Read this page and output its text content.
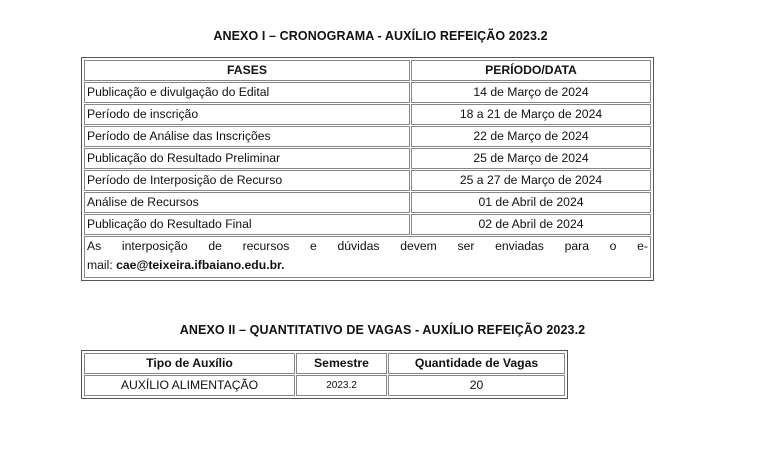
ANEXO I – CRONOGRAMA - AUXÍLIO REFEIÇÃO 2023.2
FASES	PERÍODO/DATA
Publicação e divulgação do Edital	14 de Março de 2024
Período de inscrição	18 a 21 de Março de 2024
Período de Análise das Inscrições	22 de Março de 2024
Publicação do Resultado Preliminar	25 de Março de 2024
Período de Interposição de Recurso	25 a 27 de Março de 2024
Análise de Recursos	01 de Abril de 2024
Publicação do Resultado Final	02 de Abril de 2024

As interposição de recursos e dúvidas devem ser enviadas para o e-
mail: cae@teixeira.ifbaiano.edu.br.	
ANEXO II – QUANTITATIVO DE VAGAS - AUXÍLIO REFEIÇÃO 2023.2
Tipo de Auxílio	Semestre	Quantidade de Vagas
AUXÍLIO ALIMENTAÇÃO	2023.2	20
